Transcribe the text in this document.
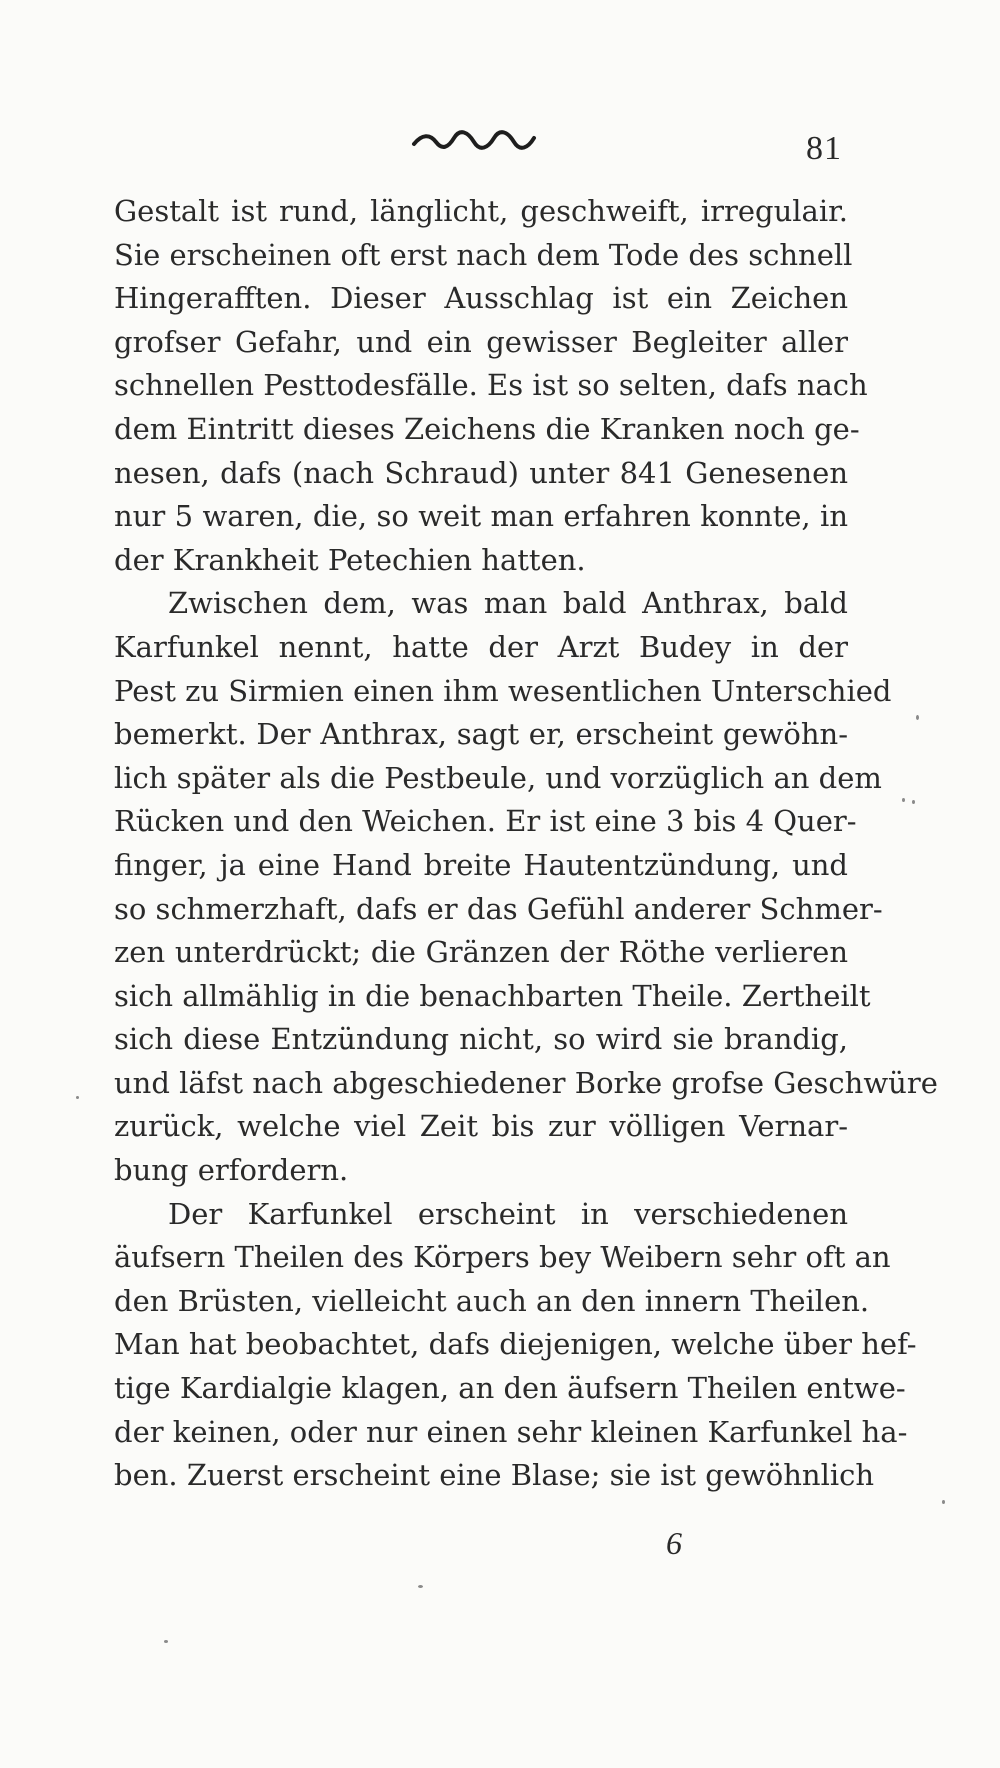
81
Gestalt ist rund, länglicht, geschweift, irregulair.
Sie erscheinen oft erst nach dem Tode des schnell
Hingerafften. Dieser Ausschlag ist ein Zeichen
grofser Gefahr, und ein gewisser Begleiter aller
schnellen Pesttodesfälle. Es ist so selten, dafs nach
dem Eintritt dieses Zeichens die Kranken noch ge-
nesen, dafs (nach Schraud) unter 841 Genesenen
nur 5 waren, die, so weit man erfahren konnte, in
der Krankheit Petechien hatten.
Zwischen dem, was man bald Anthrax, bald
Karfunkel nennt, hatte der Arzt Budey in der
Pest zu Sirmien einen ihm wesentlichen Unterschied
bemerkt. Der Anthrax, sagt er, erscheint gewöhn-
lich später als die Pestbeule, und vorzüglich an dem
Rücken und den Weichen. Er ist eine 3 bis 4 Quer-
finger, ja eine Hand breite Hautentzündung, und
so schmerzhaft, dafs er das Gefühl anderer Schmer-
zen unterdrückt; die Gränzen der Röthe verlieren
sich allmählig in die benachbarten Theile. Zertheilt
sich diese Entzündung nicht, so wird sie brandig,
und läfst nach abgeschiedener Borke grofse Geschwüre
zurück, welche viel Zeit bis zur völligen Vernar-
bung erfordern.
Der Karfunkel erscheint in verschiedenen
äufsern Theilen des Körpers bey Weibern sehr oft an
den Brüsten, vielleicht auch an den innern Theilen.
Man hat beobachtet, dafs diejenigen, welche über hef-
tige Kardialgie klagen, an den äufsern Theilen entwe-
der keinen, oder nur einen sehr kleinen Karfunkel ha-
ben. Zuerst erscheint eine Blase; sie ist gewöhnlich
6
